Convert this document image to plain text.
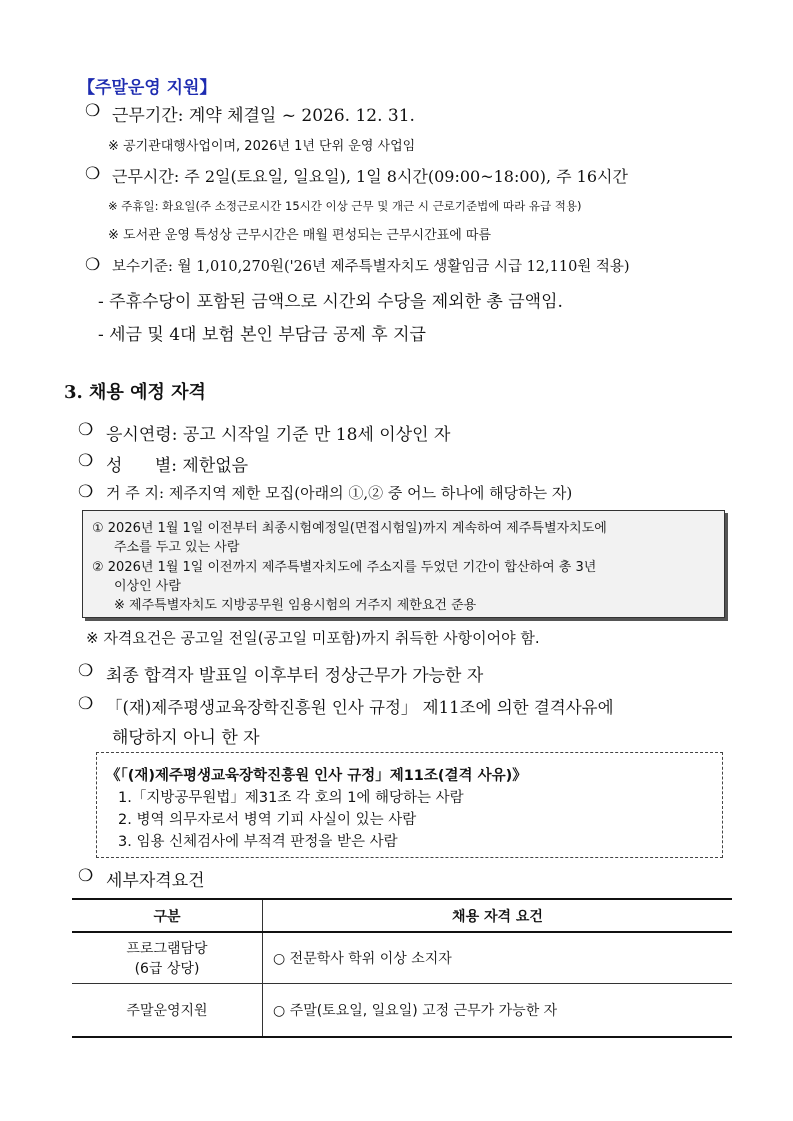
【주말운영 지원】
❍ 근무기간: 계약 체결일 ~ 2026. 12. 31.
※ 공기관대행사업이며, 2026년 1년 단위 운영 사업임
❍ 근무시간: 주 2일(토요일, 일요일), 1일 8시간(09:00~18:00), 주 16시간
※ 주휴일: 화요일(주 소정근로시간 15시간 이상 근무 및 개근 시 근로기준법에 따라 유급 적용)
※ 도서관 운영 특성상 근무시간은 매월 편성되는 근무시간표에 따름
❍ 보수기준: 월 1,010,270원('26년 제주특별자치도 생활임금 시급 12,110원 적용)
- 주휴수당이 포함된 금액으로 시간외 수당을 제외한 총 금액임.
- 세금 및 4대 보험 본인 부담금 공제 후 지급
3. 채용 예정 자격
❍ 응시연령: 공고 시작일 기준 만 18세 이상인 자
❍ 성      별: 제한없음
❍ 거 주 지: 제주지역 제한 모집(아래의 ①,② 중 어느 하나에 해당하는 자)
① 2026년 1월 1일 이전부터 최종시험예정일(면접시험일)까지 계속하여 제주특별자치도에
주소를 두고 있는 사람
② 2026년 1월 1일 이전까지 제주특별자치도에 주소지를 두었던 기간이 합산하여 총 3년
이상인 사람
※ 제주특별자치도 지방공무원 임용시험의 거주지 제한요건 준용
※ 자격요건은 공고일 전일(공고일 미포함)까지 취득한 사항이어야 함.
❍ 최종 합격자 발표일 이후부터 정상근무가 가능한 자
❍ 「(재)제주평생교육장학진흥원 인사 규정」 제11조에 의한 결격사유에
해당하지 아니 한 자
《「(재)제주평생교육장학진흥원 인사 규정」제11조(결격 사유)》
1.「지방공무원법」제31조 각 호의 1에 해당하는 사람
2. 병역 의무자로서 병역 기피 사실이 있는 사람
3. 임용 신체검사에 부적격 판정을 받은 사람
❍ 세부자격요건
구분	채용 자격 요건

프로그램담당
(6급 상당)	○ 전문학사 학위 이상 소지자

주말운영지원	○ 주말(토요일, 일요일) 고정 근무가 가능한 자
